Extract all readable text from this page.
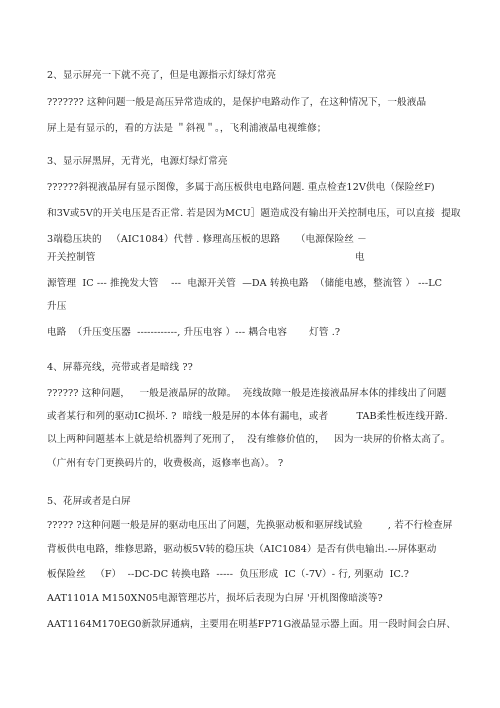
2、显示屏亮一下就不亮了，但是电源指示灯绿灯常亮
??????? 这种问题一般是高压异常造成的，是保护电路动作了，在这种情况下，一般液晶
屏上是有显示的，看的方法是 ＂斜视＂。，飞利浦液晶电视维修；
3、显示屏黑屏，无背光，电源灯绿灯常亮
??????斜视液晶屏有显示图像，多属于高压板供电电路问题. 重点检查12V供电（保险丝F)
和3V或5V的开关电压是否正常. 若是因为MCU］题造成没有输出开关控制电压，可以直接  提取
3端稳压块的   （AIC1084）代替 . 修理高压板的思路     （电源保险丝 －
开关控制管	电
源管理  IC --- 推挽发大管    ---  电源开关管  —DA 转换电路  （储能电感，整流管 ） ---LC
升压
电路  （升压变压器  ------------, 升压电容 ）--- 耦合电容       灯管 .?
4、屏幕亮线，亮带或者是暗线 ??
?????? 这种问题，   一般是液晶屏的故障。  亮线故障一般是连接液晶屏本体的排线出了问题
或者某行和列的驱动IC损坏. ?  暗线一般是屏的本体有漏电，或者         TAB柔性板连线开路.
以上两种问题基本上就是给机器判了死刑了，  没有维修价值的，   因为一块屏的价格太高了。
（广州有专门更换码片的，收费极高，返修率也高）。 ?
5、花屏或者是白屏
????? ?这种问题一般是屏的驱动电压出了问题，先换驱动板和驱屏线试验        , 若不行检查屏
背板供电电路，维修思路，驱动板5V转的稳压块（AIC1084）是否有供电输出.---屏体驱动
板保险丝   （F）  --DC-DC 转换电路  -----  负压形成  IC（-7V）- 行, 列驱动  IC.?
AAT1101A M150XN05电源管理芯片，损坏后表现为白屏 '开机图像暗淡等?
AAT1164M170EG0新款屏通病，主要用在明基FP71G液晶显示器上面。用一段时间会白屏、
